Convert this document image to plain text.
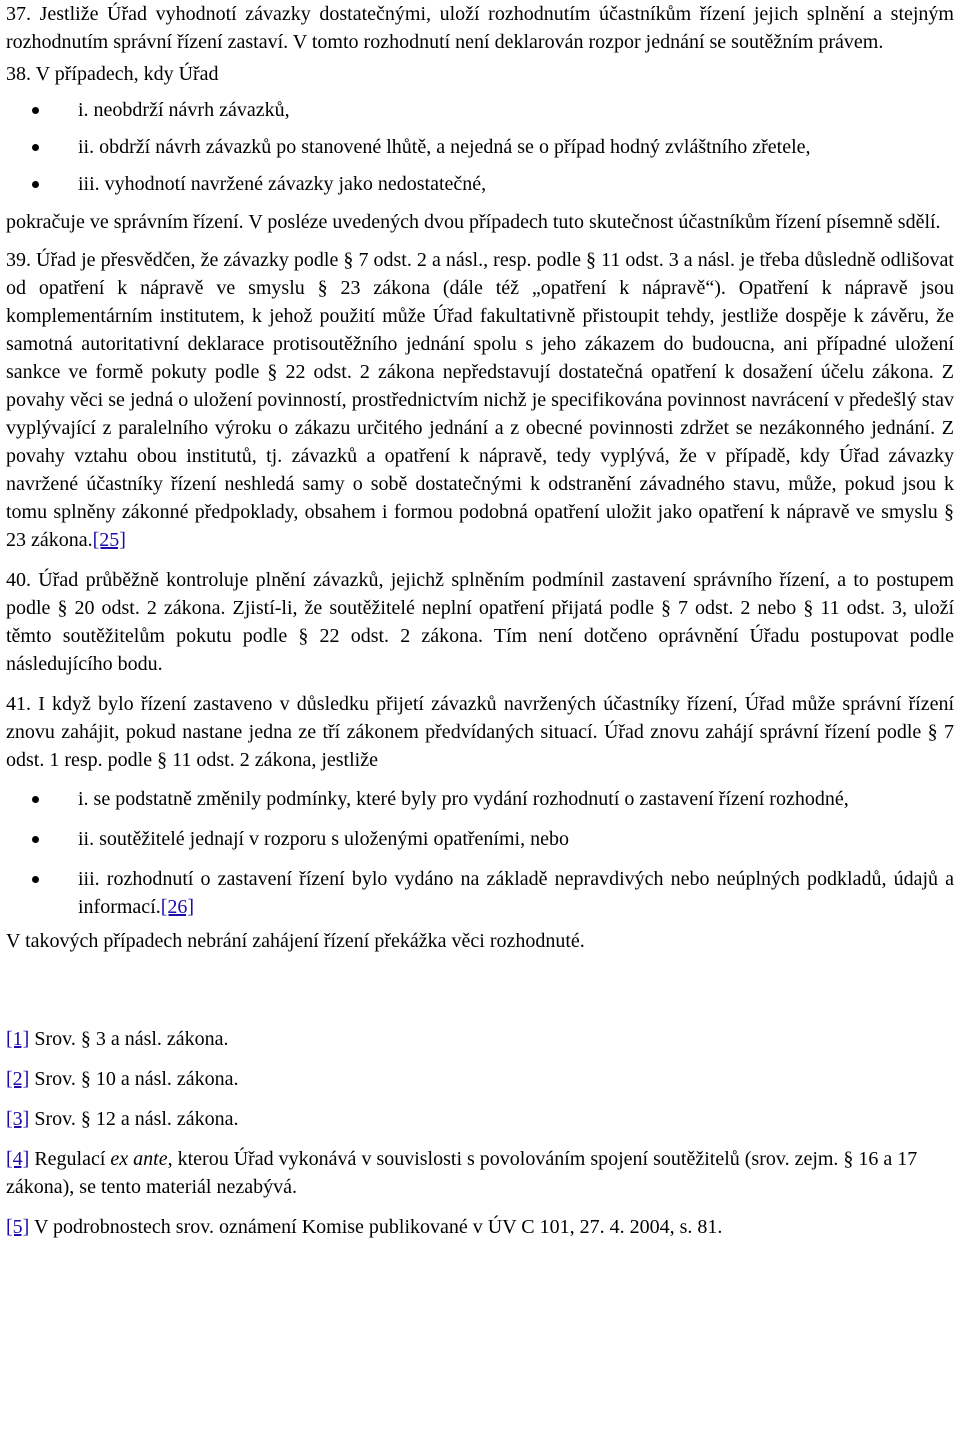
37. Jestliže Úřad vyhodnotí závazky dostatečnými, uloží rozhodnutím účastníkům řízení jejich splnění a stejným rozhodnutím správní řízení zastaví. V tomto rozhodnutí není deklarován rozpor jednání se soutěžním právem.

38. V případech, kdy Úřad

i. neobdrží návrh závazků,
ii. obdrží návrh závazků po stanovené lhůtě, a nejedná se o případ hodný zvláštního zřetele,
iii. vyhodnotí navržené závazky jako nedostatečné,

pokračuje ve správním řízení. V posléze uvedených dvou případech tuto skutečnost účastníkům řízení písemně sdělí.

39. Úřad je přesvědčen, že závazky podle § 7 odst. 2 a násl., resp. podle § 11 odst. 3 a násl. je třeba důsledně odlišovat od opatření k nápravě ve smyslu § 23 zákona (dále též „opatření k nápravě“). Opatření k nápravě jsou komplementárním institutem, k jehož použití může Úřad fakultativně přistoupit tehdy, jestliže dospěje k závěru, že samotná autoritativní deklarace protisoutěžního jednání spolu s jeho zákazem do budoucna, ani případné uložení sankce ve formě pokuty podle § 22 odst. 2 zákona nepředstavují dostatečná opatření k dosažení účelu zákona. Z povahy věci se jedná o uložení povinností, prostřednictvím nichž je specifikována povinnost navrácení v předešlý stav vyplývající z paralelního výroku o zákazu určitého jednání a z obecné povinnosti zdržet se nezákonného jednání. Z povahy vztahu obou institutů, tj. závazků a opatření k nápravě, tedy vyplývá, že v případě, kdy Úřad závazky navržené účastníky řízení neshledá samy o sobě dostatečnými k odstranění závadného stavu, může, pokud jsou k tomu splněny zákonné předpoklady, obsahem i formou podobná opatření uložit jako opatření k nápravě ve smyslu § 23 zákona.[25]

40. Úřad průběžně kontroluje plnění závazků, jejichž splněním podmínil zastavení správního řízení, a to postupem podle § 20 odst. 2 zákona. Zjistí-li, že soutěžitelé neplní opatření přijatá podle § 7 odst. 2 nebo § 11 odst. 3, uloží těmto soutěžitelům pokutu podle § 22 odst. 2 zákona. Tím není dotčeno oprávnění Úřadu postupovat podle následujícího bodu.

41. I když bylo řízení zastaveno v důsledku přijetí závazků navržených účastníky řízení, Úřad může správní řízení znovu zahájit, pokud nastane jedna ze tří zákonem předvídaných situací. Úřad znovu zahájí správní řízení podle § 7 odst. 1 resp. podle § 11 odst. 2 zákona, jestliže

i. se podstatně změnily podmínky, které byly pro vydání rozhodnutí o zastavení řízení rozhodné,
ii. soutěžitelé jednají v rozporu s uloženými opatřeními, nebo
iii. rozhodnutí o zastavení řízení bylo vydáno na základě nepravdivých nebo neúplných podkladů, údajů a informací.[26]

V takových případech nebrání zahájení řízení překážka věci rozhodnuté.

[1] Srov. § 3 a násl. zákona.

[2] Srov. § 10 a násl. zákona.

[3] Srov. § 12 a násl. zákona.

[4] Regulací ex ante, kterou Úřad vykonává v souvislosti s povolováním spojení soutěžitelů (srov. zejm. § 16 a 17 zákona), se tento materiál nezabývá.

[5] V podrobnostech srov. oznámení Komise publikované v ÚV C 101, 27. 4. 2004, s. 81.
